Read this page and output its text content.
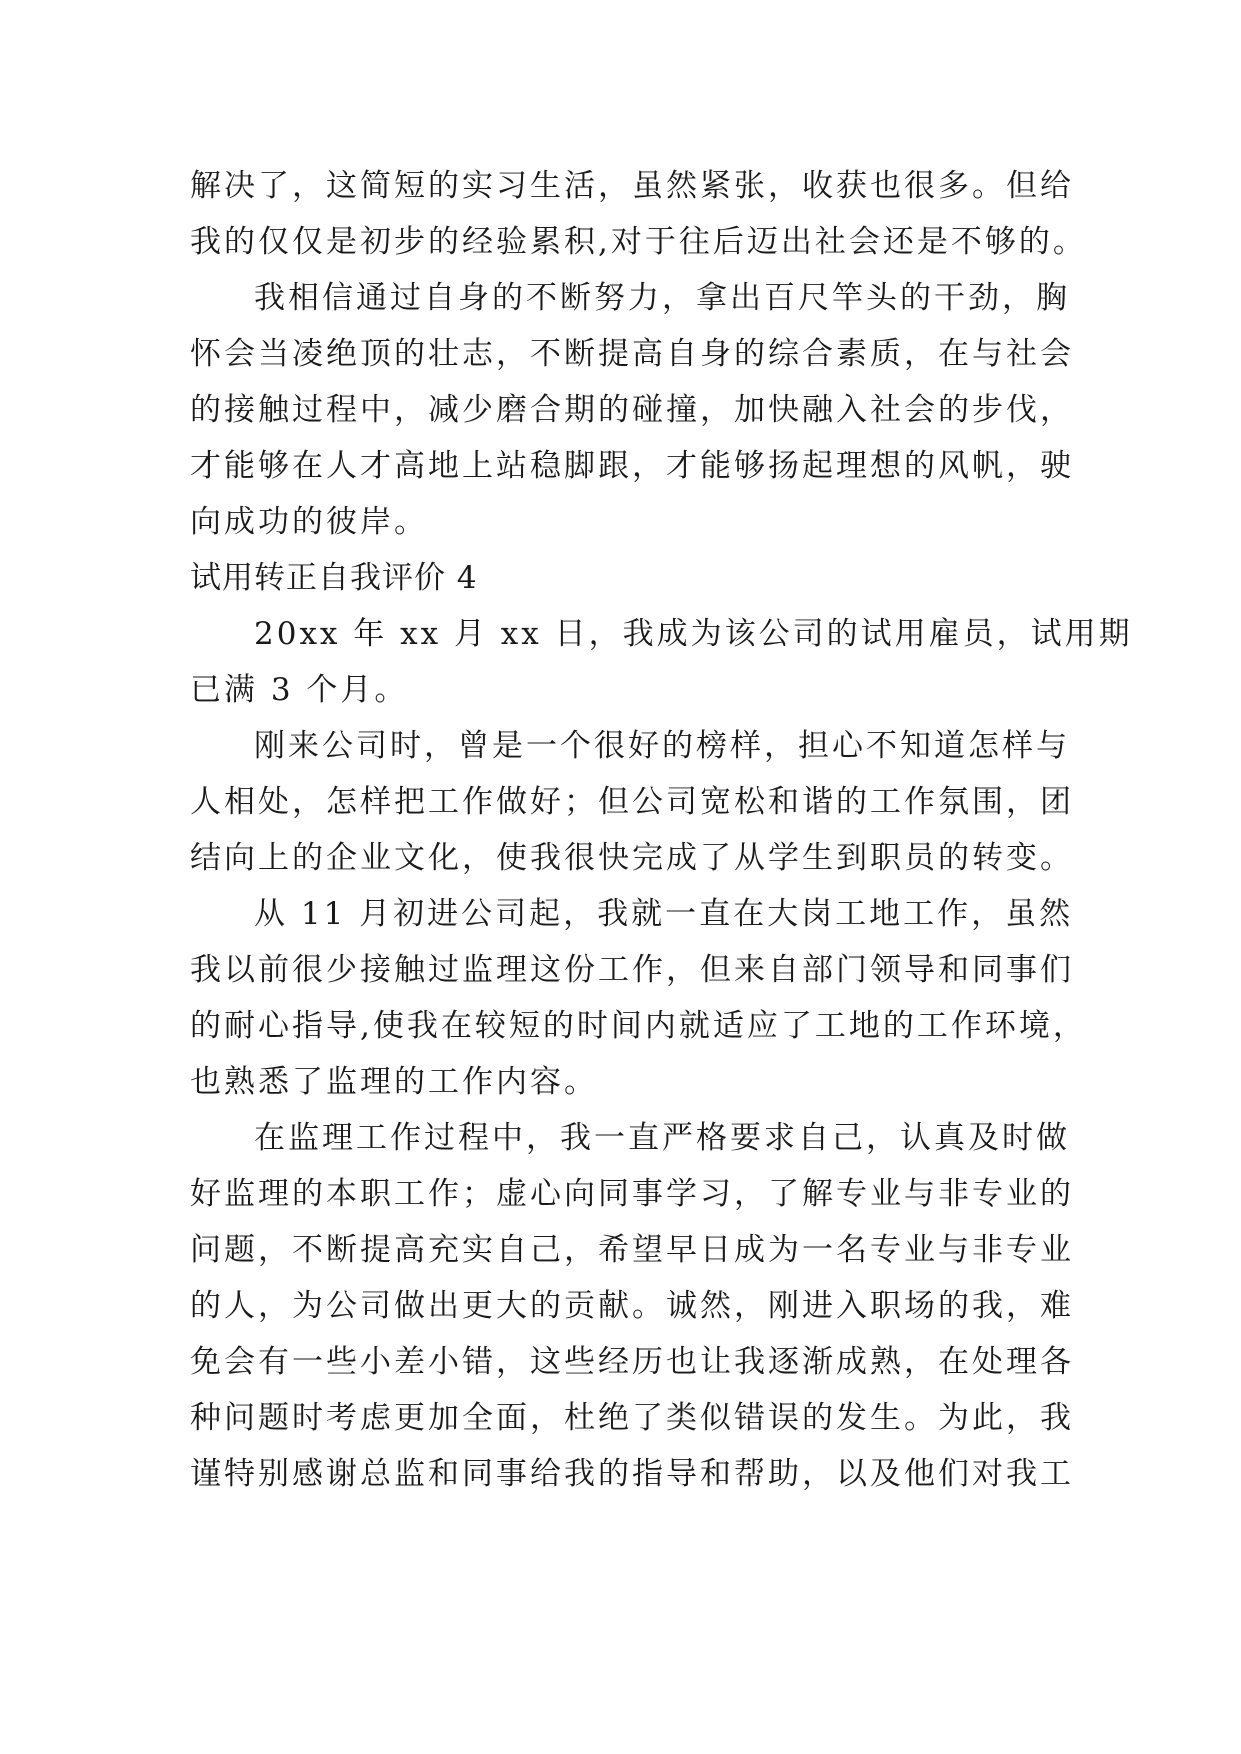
解决了，这简短的实习生活，虽然紧张，收获也很多。但给
我的仅仅是初步的经验累积,对于往后迈出社会还是不够的。
我相信通过自身的不断努力，拿出百尺竿头的干劲，胸
怀会当凌绝顶的壮志，不断提高自身的综合素质，在与社会
的接触过程中，减少磨合期的碰撞，加快融入社会的步伐，
才能够在人才高地上站稳脚跟，才能够扬起理想的风帆，驶
向成功的彼岸。
试用转正自我评价 4
20xx 年 xx 月 xx 日，我成为该公司的试用雇员，试用期
已满 3 个月。
刚来公司时，曾是一个很好的榜样，担心不知道怎样与
人相处，怎样把工作做好；但公司宽松和谐的工作氛围，团
结向上的企业文化，使我很快完成了从学生到职员的转变。
从 11 月初进公司起，我就一直在大岗工地工作，虽然
我以前很少接触过监理这份工作，但来自部门领导和同事们
的耐心指导,使我在较短的时间内就适应了工地的工作环境，
也熟悉了监理的工作内容。
在监理工作过程中，我一直严格要求自己，认真及时做
好监理的本职工作；虚心向同事学习，了解专业与非专业的
问题，不断提高充实自己，希望早日成为一名专业与非专业
的人，为公司做出更大的贡献。诚然，刚进入职场的我，难
免会有一些小差小错，这些经历也让我逐渐成熟，在处理各
种问题时考虑更加全面，杜绝了类似错误的发生。为此，我
谨特别感谢总监和同事给我的指导和帮助，以及他们对我工
